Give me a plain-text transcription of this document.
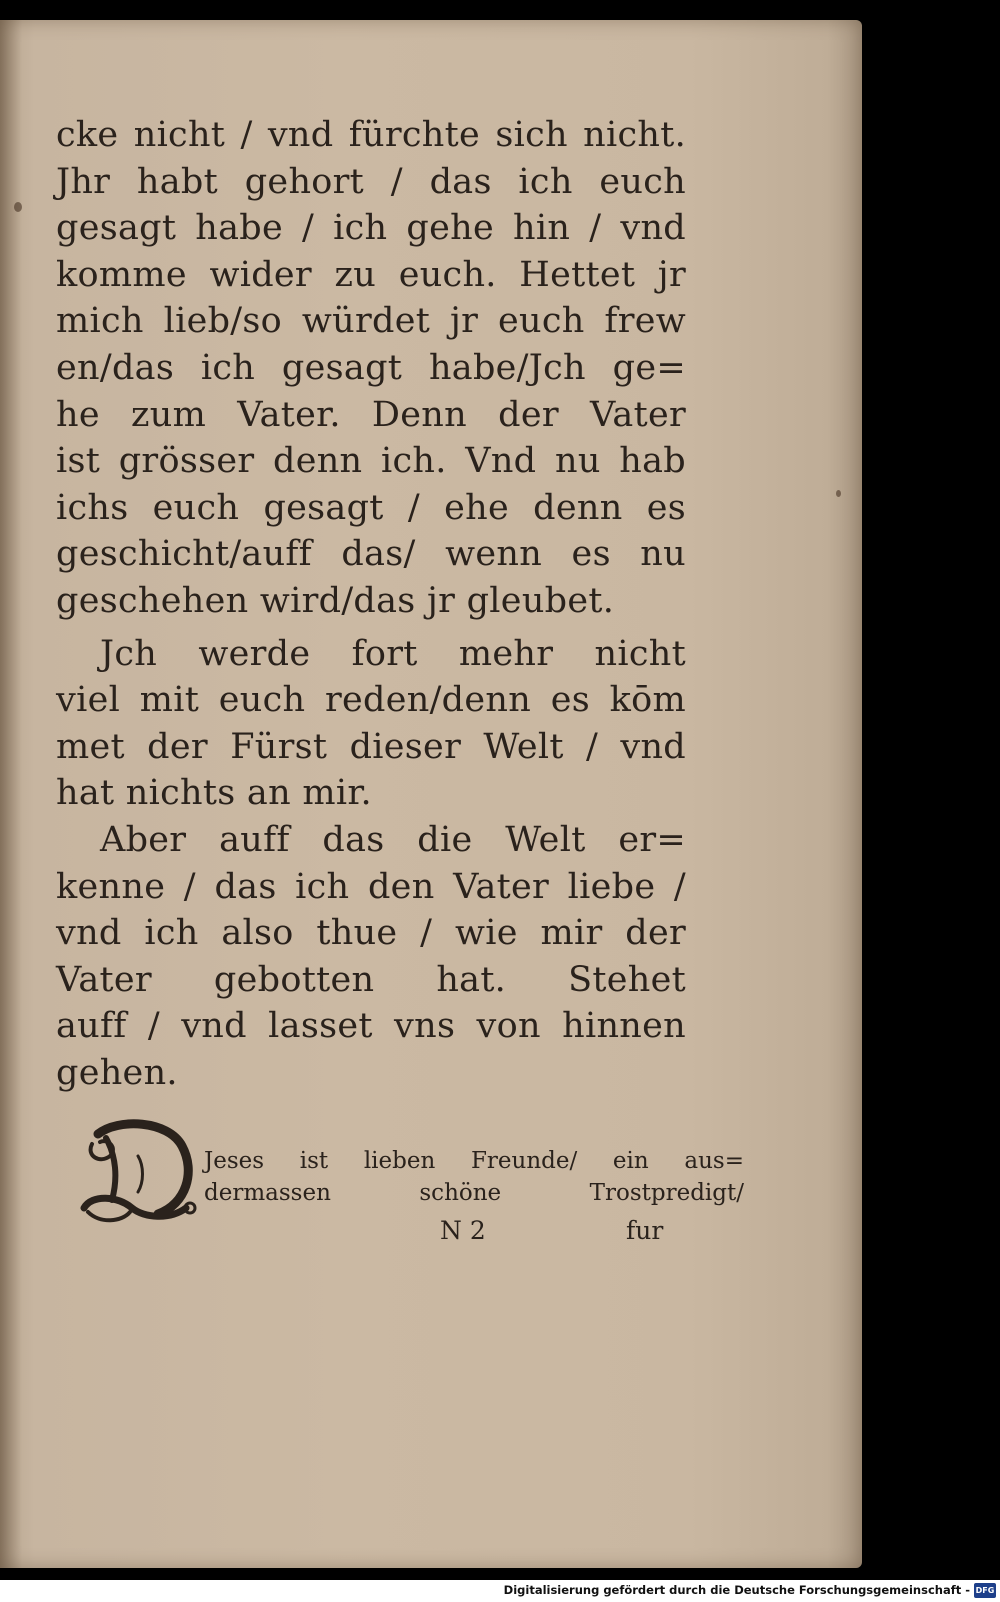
cke nicht / vnd fürchte sich nicht.
Jhr habt gehort / das ich euch
gesagt habe / ich gehe hin / vnd
komme wider zu euch. Hettet jr
mich lieb/so würdet jr euch frew
en/das ich gesagt habe/Jch ge=
he zum Vater. Denn der Vater
ist grösser denn ich. Vnd nu hab
ichs euch gesagt / ehe denn es
geschicht/auff das/ wenn es nu
geschehen wird/das jr gleubet.
Jch werde fort mehr nicht
viel mit euch reden/denn es kōm
met der Fürst dieser Welt / vnd
hat nichts an mir.
Aber auff das die Welt er=
kenne / das ich den Vater liebe /
vnd ich also thue / wie mir der
Vater gebotten hat. Stehet
auff / vnd lasset vns von hinnen
gehen.
Jeses ist lieben Freunde/ ein aus=
dermassen schöne Trostpredigt/
N 2	fur
Digitalisierung gefördert durch die Deutsche Forschungsgemeinschaft - DFG
